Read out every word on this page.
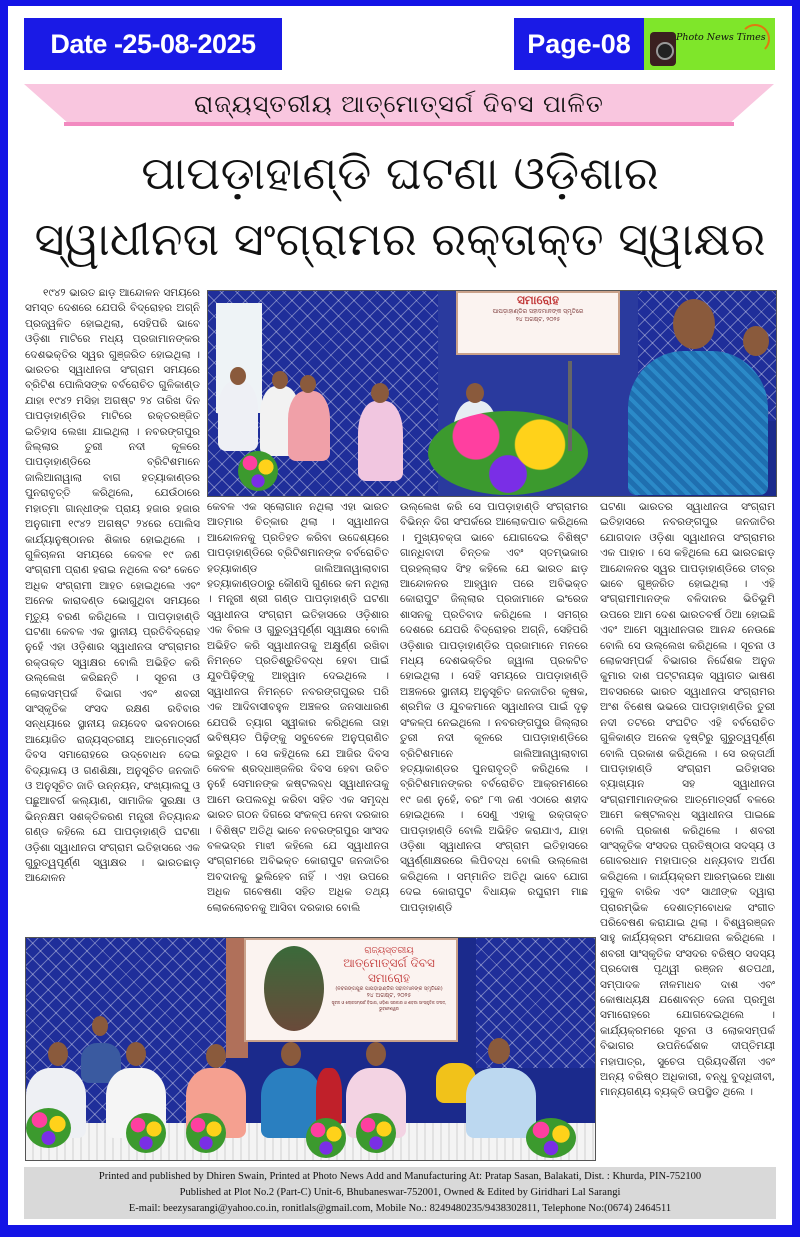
Date -25-08-2025	Page-08	Photo News Times
ରାଜ୍ୟସ୍ତରୀୟ ଆତ୍ମୋତ୍ସର୍ଗ ଦିବସ ପାଳିତ
ପାପଡ଼ାହାଣ୍ଡି ଘଟଣା ଓଡ଼ିଶାର
ସ୍ୱାଧୀନତା ସଂଗ୍ରାମର ରକ୍ତାକ୍ତ ସ୍ୱାକ୍ଷର
ସମାରୋହ
ପାପଡ଼ାହାଣ୍ଡିର ସହୀଦମାନଙ୍କ ସ୍ମୃତିରେ
୨୪ ଅଗଷ୍ଟ, ୨୦୨୫

୧୯୪୨ ଭାରତ ଛାଡ଼ ଆନ୍ଦୋଳନ ସମୟରେ ସମସ୍ତ ଦେଶରେ ଯେପରି ବିଦ୍ରୋହର ଅଗ୍ନି ପ୍ରଜ୍ୱଳିତ ହୋଇଥିଲା, ସେହିପରି ଭାବେ ଓଡ଼ିଶା ମାଟିରେ ମଧ୍ୟ ପ୍ରଜାମାନଙ୍କର ଦେଶଭକ୍ତିର ସ୍ୱର ଗୁଞ୍ଜରିତ ହୋଇଥିଲା । ଭାରତର ସ୍ୱାଧୀନତା ସଂଗ୍ରାମ ସମୟରେ ବ୍ରିଟିଶ ପୋଲିସଙ୍କ ବର୍ବରୋଚିତ ଗୁଳିକାଣ୍ଡ ଯାହା ୧୯୪୨ ମସିହା ଅଗଷ୍ଟ ୨୪ ତାରିଖ ଦିନ ପାପଡ଼ାହାଣ୍ଡିର ମାଟିରେ ରକ୍ତରଞ୍ଜିତ ଇତିହାସ ଲେଖା ଯାଇଥିଲା । ନବରଙ୍ଗପୁର ଜିଲ୍ଲାର ତୁରୀ ନଦୀ କୂଳରେ ପାପଡ଼ାହାଣ୍ଡିରେ ବ୍ରିଟିଶମାନେ ଜାଲିଆନାୱାଲା ବାଗ ହତ୍ୟାକାଣ୍ଡର ପୁନରାବୃତ୍ତି କରିଥିଲେ, ଯେଉଁଠାରେ ମହାତ୍ମା ଗାନ୍ଧୀଙ୍କ ପ୍ରାୟ ହଜାର ହଜାର ଅନୁଗାମୀ ୧୯୪୨ ଅଗଷ୍ଟ ୨୪ରେ ପୋଲିସ କାର୍ଯ୍ୟାନୁଷ୍ଠାନର ଶିକାର ହୋଇଥିଲେ । ଗୁଳିଚାଳନା ସମୟରେ କେବଳ ୧୯ ଜଣ ସଂଗ୍ରାମୀ ପ୍ରାଣ ହରାଇ ନଥିଲେ ବରଂ କେତେ ଅଧିକ ସଂଗ୍ରାମୀ ଆହତ ହୋଇଥିଲେ ଏବଂ ଅନେକ କାରାଦଣ୍ଡ ଭୋଗୁଥିବା ସମୟରେ ମୃତ୍ୟୁ ବରଣ କରିଥିଲେ । ପାପଡ଼ାହାଣ୍ଡି ଘଟଣା କେବଳ ଏକ ସ୍ଥାନୀୟ ପ୍ରତିବିଦ୍ରୋହ ନୁହେଁ ଏହା ଓଡ଼ିଶାର ସ୍ୱାଧୀନତା ସଂଗ୍ରାମର ରକ୍ତାକ୍ତ ସ୍ୱାକ୍ଷର ବୋଲି ଅଭିହିତ କରି ଉଲ୍ଲେଖ କରିଛନ୍ତି । ସୂଚନା ଓ ଲୋକସମ୍ପର୍କ ବିଭାଗ ଏବଂ ଶବରୀ ସାଂସ୍କୃତିକ ସଂସଦ ରକ୍ଷଣ ରବିବାର ସନ୍ଧ୍ୟାରେ ସ୍ଥାନୀୟ ଜୟଦେବ ଭବନଠାରେ ଆୟୋଜିତ ରାଜ୍ୟସ୍ତରୀୟ ଆତ୍ମୋତ୍ସର୍ଗ ଦିବସ ସମାରୋହରେ ଉଦ୍‌ବୋଧନ ଦେଇ ବିଦ୍ୟାଳୟ ଓ ଗଣଶିକ୍ଷା, ଅନୁସୂଚିତ ଜନଜାତି ଓ ଅନୁସୂଚିତ ଜାତି ଉନ୍ନୟନ, ସଂଖ୍ୟାଲଘୁ ଓ ପଛୁଆବର୍ଗ କଲ୍ୟାଣ, ସାମାଜିକ ସୁରକ୍ଷା ଓ ଭିନ୍ନକ୍ଷମ ସଶକ୍ତିକରଣ ମନ୍ତ୍ରୀ ନିତ୍ୟାନନ୍ଦ ଗଣ୍ଡ କହିଲେ ଯେ ପାପଡ଼ାହାଣ୍ଡି ଘଟଣା ଓଡ଼ିଶା ସ୍ୱାଧୀନତା ସଂଗ୍ରାମ ଇତିହାସରେ ଏକ ଗୁରୁତ୍ୱପୂର୍ଣ୍ଣ ସ୍ୱାକ୍ଷର । ଭାରତଛାଡ଼ ଆନ୍ଦୋଳନ

କେବଳ ଏକ ସ୍ଲୋଗାନ ନଥିଲା ଏହା ଭାରତ ଆତ୍ମାର ଚିତ୍କାର ଥିଲା । ସ୍ୱାଧୀନତା ଆନ୍ଦୋଳନକୁ ପ୍ରତିହତ କରିବା ଉଦ୍ଦେଶ୍ୟରେ ପାପଡ଼ାହାଣ୍ଡିରେ ବ୍ରିଟିଶମାନଙ୍କ ବର୍ବରୋଚିତ ହତ୍ୟାକାଣ୍ଡ ଜାଲିଆନାୱାଲାବାଗ ହତ୍ୟାକାଣ୍ଡଠାରୁ କୌଣସି ଗୁଣରେ କମ ନଥିଲା । ମନ୍ତ୍ରୀ ଶ୍ରୀ ଗଣ୍ଡ ପାପଡ଼ାହାଣ୍ଡି ଘଟଣା ସ୍ୱାଧୀନତା ସଂଗ୍ରାମ ଇତିହାସରେ ଓଡ଼ିଶାର ଏକ ବିରଳ ଓ ଗୁରୁତ୍ୱପୂର୍ଣ୍ଣ ସ୍ୱାକ୍ଷର ବୋଲି ଅଭିହିତ କରି ସ୍ୱାଧୀନତାକୁ ଅକ୍ଷୁର୍ଣ୍ଣ ରଖିବା ନିମନ୍ତେ ପ୍ରତିଶ୍ରୁତିବଦ୍ଧ ହେବା ପାଇଁ ଯୁବପିଢ଼ିଙ୍କୁ ଆହ୍ୱାନ ଦେଇଥିଲେ । ସ୍ୱାଧୀନତା ନିମନ୍ତେ ନବରଙ୍ଗପୁରର ପରି ଏକ ଆଦିବାସୀବହୁଳ ଅଞ୍ଚଳର ଜନସାଧାରଣ ଯେପରି ତ୍ୟାଗ ସ୍ୱୀକାର କରିଥିଲେ ତାହା ଭବିଷ୍ୟତ ପିଢ଼ିଙ୍କୁ ସବୁବେଳେ ଅନୁପ୍ରାଣିତ କରୁଥିବ । ସେ କହିଥିଲେ ଯେ ଆଜିର ଦିବସ କେବଳ ଶ୍ରଦ୍ଧାଞ୍ଜଳିର ଦିବସ ହେବା ଉଚିତ ନୁହେଁ ସେମାନଙ୍କ କଷ୍ଟଲବ୍ଧ ସ୍ୱାଧୀନତାକୁ ଆମେ ଉପଲବ୍ଧି କରିବା ସହିତ ଏକ ସମୃଦ୍ଧ ଭାରତ ଗଠନ ଦିଗରେ ସଂକଳ୍ପ ନେବା ଦରକାର । ବିଶିଷ୍ଟ ଅତିଥି ଭାବେ ନବରଙ୍ଗପୁର ସାଂସଦ ବଳଭଦ୍ର ମାଝୀ କହିଲେ ଯେ ସ୍ୱାଧୀନତା ସଂଗ୍ରାମରେ ଅବିଭକ୍ତ କୋରାପୁଟ ଜନଜାତିର ଅବଦାନକୁ ଭୁଲିହେବ ନାହିଁ । ଏହା ଉପରେ ଅଧିକ ଗବେଷଣା ସହିତ ଅଧିକ ତଥ୍ୟ ଲୋକଲୋଚନକୁ ଆସିବା ଦରକାର ବୋଲି

ଉଲ୍ଲେଖ କରି ସେ ପାପଡ଼ାହାଣ୍ଡି ସଂଗ୍ରାମର ବିଭିନ୍ନ ଦିଗ ସଂପର୍କରେ ଆଲୋକପାତ କରିଥିଲେ । ମୁଖ୍ୟବକ୍ତା ଭାବେ ଯୋଗଦେଇ ବିଶିଷ୍ଟ ଗାନ୍ଧିବାଦୀ ଚିନ୍ତକ ଏବଂ ସ୍ତମ୍ଭକାର ପ୍ରହଲ୍ଲାଦ ସିଂହ କହିଲେ ଯେ ଭାରତ ଛାଡ଼ ଆନ୍ଦୋଳନର ଆହ୍ୱାନ ପରେ ଅବିଭକ୍ତ କୋରାପୁଟ ଜିଲ୍ଲାର ପ୍ରଜାମାନେ ଇଂରେଜ ଶାସନକୁ ପ୍ରତିବାଦ କରିଥିଲେ । ସମଗ୍ର ଦେଶରେ ଯେପରି ବିଦ୍ରୋହର ଅଗ୍ନି, ସେହିପରି ଓଡ଼ିଶାର ପାପଡ଼ାହାଣ୍ଡିର ପ୍ରଜାମାନେ ମନରେ ମଧ୍ୟ ଦେଶଭକ୍ତିର ଜ୍ୱାଳା ପ୍ରକଟିତ ହୋଇଥିଲା । ସେହି ସମୟରେ ପାପଡ଼ାହାଣ୍ଡି ଅଞ୍ଚଳରେ ସ୍ଥାନୀୟ ଅନୁସୂଚିତ ଜନଜାତିର କୃଷକ, ଶ୍ରମିକ ଓ ଯୁବକମାନେ ସ୍ୱାଧୀନତା ପାଇଁ ଦୃଢ଼ ସଂକଳ୍ପ ନେଇଥିଲେ । ନବରଙ୍ଗପୁର ଜିଲ୍ଲାର ତୁରୀ ନଦୀ କୂଳରେ ପାପଡ଼ାହାଣ୍ଡିରେ ବ୍ରିଟିଶମାନେ ଜାଲିଆନାୱାଲାବାଗ ହତ୍ୟାକାଣ୍ଡର ପୁନରାବୃତ୍ତି କରିଥିଲେ । ବ୍ରିଟିଶମାନଙ୍କର ବର୍ବରୋଚିତ ଆକ୍ରମଣରେ ୧୯ ଜଣ ନୁହେଁ, ବରଂ ୮୩ ଜଣ ଏଠାରେ ଶହୀଦ ହୋଇଥିଲେ । ସେଣୁ ଏହାକୁ ରକ୍ତାକ୍ତ ପାପଡ଼ାହାଣ୍ଡି ବୋଲି ଅଭିହିତ କରାଯାଏ, ଯାହା ଓଡ଼ିଶା ସ୍ୱାଧୀନତା ସଂଗ୍ରାମ ଇତିହାସରେ ସ୍ୱର୍ଣ୍ଣାକ୍ଷରରେ ଲିପିବଦ୍ଧ ବୋଲି ଉଲ୍ଲେଖ କରିଥିଲେ । ସମ୍ମାନିତ ଅତିଥି ଭାବେ ଯୋଗ ଦେଇ କୋରାପୁଟ ବିଧାୟକ ରଘୁରାମ ମାଛ ପାପଡ଼ାହାଣ୍ଡି

ଘଟଣା ଭାରତର ସ୍ୱାଧୀନତା ସଂଗ୍ରାମ ଇତିହାସରେ ନବରଙ୍ଗପୁର ଜନଜାତିର ଯୋଗଦାନ ଓଡ଼ିଶା ସ୍ୱାଧୀନତା ସଂଗ୍ରାମର ଏକ ପାହାଚ । ସେ କହିଥିଲେ ଯେ ଭାରତଛାଡ଼ ଆନ୍ଦୋଳନର ସ୍ୱର ପାପଡ଼ାହାଣ୍ଡିରେ ତୀବ୍ର ଭାବେ ଗୁଞ୍ଜରିତ ହୋଇଥିଲା । ଏହି ସଂଗ୍ରାମୀମାନଙ୍କ ବଳିଦାନର ଭିତିଭୂମି ଉପରେ ଆମ ଦେଶ ଭାରତବର୍ଷ ଠିଆ ହୋଇଛି ଏବଂ ଆମେ ସ୍ୱାଧୀନତାର ଆନନ୍ଦ ନେଉଛେ ବୋଲି ସେ ଉଲ୍ଲେଖ କରିଥିଲେ । ସୂଚନା ଓ ଲୋକସମ୍ପର୍କ ବିଭାଗର ନିର୍ଦ୍ଦେଶକ ଅନୁଜ କୁମାର ଦାଶ ପଟ୍ଟନାୟକ ସ୍ୱାଗତ ଭାଷଣ ଅବସରରେ ଭାରତ ସ୍ୱାଧୀନତା ସଂଗ୍ରାମର ଅଂଶ ବିଶେଷ ଭଭରେ ପାପଡ଼ାହାଣ୍ଡିର ତୁରୀ ନଦୀ ତଟରେ ସଂଘଟିତ ଏହି ବର୍ବରୋଚିତ ଗୁଳିକାଣ୍ଡ ଅନେକ ଦୃଷ୍ଟିରୁ ଗୁରୁତ୍ୱପୂର୍ଣ୍ଣ ବୋଲି ପ୍ରକାଶ କରିଥିଲେ । ସେ ରକ୍ତାର୍ଥୀ ପାପଡ଼ାହାଣ୍ଡି ସଂଗ୍ରାମ ଇତିହାସର ବ୍ୟାଖ୍ୟାନ ସହ ସ୍ୱାଧୀନତା ସଂଗ୍ରାମୀମାନଙ୍କର ଆତ୍ମୋତ୍ସର୍ଗ ବଳରେ ଆମେ କଷ୍ଟଲବ୍ଧ ସ୍ୱାଧୀନତା ପାଇଛେ ବୋଲି ପ୍ରକାଶ କରିଥିଲେ । ଶବରୀ ସାଂସ୍କୃତିକ ସଂସଦର ପ୍ରତିଷ୍ଠାତା ସଦସ୍ୟ ଓ ଗୋବରଧାନ ମହାପାତ୍ର ଧନ୍ୟବାଦ ଅର୍ପଣ କରିଥିଲେ । କାର୍ଯ୍ୟକ୍ରମ ଆରମ୍ଭରେ ଆଶା ମୁକୁଳ ବାରିକ ଏବଂ ସାଥୀଙ୍କ ଦ୍ୱାରା ପ୍ରାରମ୍ଭିକ ଦେଶାତ୍ମବୋଧକ ସଂଗୀତ ପରିବେଷଣ କରାଯାଇ ଥିଲା । ବିଶ୍ୱରଞ୍ଜନ ସାହୁ କାର୍ଯ୍ୟକ୍ରମ ସଂଯୋଜନା କରିଥିଲେ । ଶବରୀ ସାଂସ୍କୃତିକ ସଂସଦର ବରିଷ୍ଠ ସଦସ୍ୟ ପ୍ରଦୋଷ ପୃଥ୍ୱୀ ରଞ୍ଜନ ଶତପଥୀ, ସମ୍ପାଦକ ନୀଳମାଧବ ଦାଶ ଏବଂ କୋଷାଧ୍ୟକ୍ଷ ଯଶୋବନ୍ତ ଜେନା ପ୍ରମୁଖ ସମାରୋହରେ ଯୋଗଦେଇଥିଲେ । କାର୍ଯ୍ୟକ୍ରମରେ ସୂଚନା ଓ ଲୋକସମ୍ପର୍କ ବିଭାଗର ଉପନିର୍ଦ୍ଦେଶକ ଦୀପ୍ତିମୟୀ ମହାପାତ୍ର, ସୁଚେତା ପ୍ରିୟଦର୍ଶିନୀ ଏବଂ ଅନ୍ୟ ବରିଷ୍ଠ ଅଧିକାରୀ, ବନ୍ଧୁ ବୁଦ୍ଧିଜୀବୀ, ମାନ୍ୟଗଣ୍ୟ ବ୍ୟକ୍ତି ଉପସ୍ଥିତ ଥିଲେ ।

ରାଜ୍ୟସ୍ତରୀୟ
ଆତ୍ମୋତ୍ସର୍ଗ ଦିବସ
ସମାରୋହ
(ନବରଙ୍ଗପୁର ପାପଡ଼ାହାଣ୍ଡିର ସହୀଦମାନଙ୍କ ସ୍ମୃତିରେ)
୨୪ ଅଗଷ୍ଟ, ୨୦୨୫
ସୂଚନା ଓ ଲୋକସମ୍ପର୍କ ବିଭାଗ, ଓଡ଼ିଶା ସରକାର ଓ ଶବରୀ ସାଂସ୍କୃତିକ ସଂସଦ, ଭୁବନେଶ୍ୱର
Printed and published by Dhiren Swain, Printed at Photo News Add and Manufacturing At: Pratap Sasan, Balakati, Dist. : Khurda, PIN-752100
Published at Plot No.2 (Part-C) Unit-6, Bhubaneswar-752001, Owned & Edited by Giridhari Lal Sarangi
E-mail: beezysarangi@yahoo.co.in, ronitlals@gmail.com, Mobile No.: 8249480235/9438302811, Telephone No:(0674) 2464511
